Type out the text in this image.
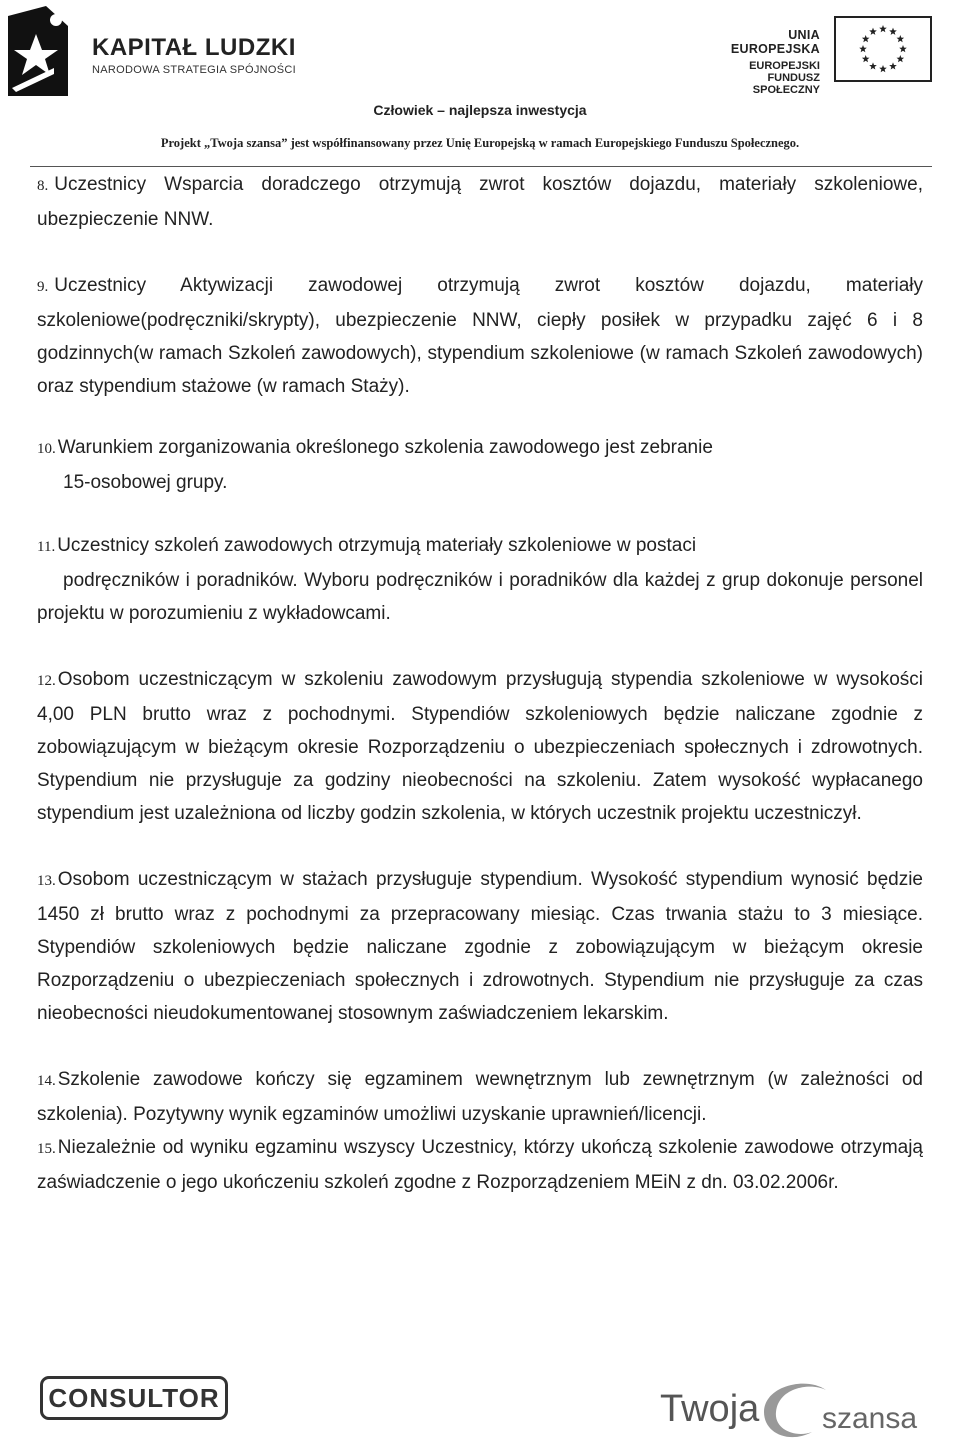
KAPITAŁ LUDZKI
NARODOWA STRATEGIA SPÓJNOŚCI
UNIA EUROPEJSKA
EUROPEJSKI
FUNDUSZ SPOŁECZNY
Człowiek – najlepsza inwestycja
Projekt „Twoja szansa” jest współfinansowany przez Unię Europejską w ramach Europejskiego Funduszu Społecznego.

8. Uczestnicy Wsparcia doradczego otrzymują zwrot kosztów dojazdu, materiały szkoleniowe, ubezpieczenie NNW.

9. Uczestnicy Aktywizacji zawodowej otrzymują zwrot kosztów dojazdu, materiały szkoleniowe(podręczniki/skrypty), ubezpieczenie NNW, ciepły posiłek w przypadku zajęć 6 i 8 godzinnych(w ramach Szkoleń zawodowych), stypendium szkoleniowe (w ramach Szkoleń zawodowych) oraz stypendium stażowe (w ramach Staży).

10. Warunkiem zorganizowania określonego szkolenia zawodowego jest zebranie
15-osobowej grupy.
11. Uczestnicy szkoleń zawodowych otrzymują materiały szkoleniowe w postaci
podręczników i poradników. Wyboru podręczników i poradników dla każdej z grup dokonuje personel projektu w porozumieniu z wykładowcami.

12. Osobom uczestniczącym w szkoleniu zawodowym przysługują stypendia szkoleniowe w wysokości 4,00 PLN brutto wraz z pochodnymi. Stypendiów szkoleniowych będzie naliczane zgodnie z zobowiązującym w bieżącym okresie Rozporządzeniu o ubezpieczeniach społecznych i zdrowotnych. Stypendium nie przysługuje za godziny nieobecności na szkoleniu. Zatem wysokość wypłacanego stypendium jest uzależniona od liczby godzin szkolenia, w których uczestnik projektu uczestniczył.

13. Osobom uczestniczącym w stażach przysługuje stypendium. Wysokość stypendium wynosić będzie 1450 zł brutto wraz z pochodnymi za przepracowany miesiąc. Czas trwania stażu to 3 miesiące. Stypendiów szkoleniowych będzie naliczane zgodnie z zobowiązującym w bieżącym okresie Rozporządzeniu o ubezpieczeniach społecznych i zdrowotnych. Stypendium nie przysługuje za czas nieobecności nieudokumentowanej stosownym zaświadczeniem lekarskim.

14. Szkolenie zawodowe kończy się egzaminem wewnętrznym lub zewnętrznym (w zależności od szkolenia). Pozytywny wynik egzaminów umożliwi uzyskanie uprawnień/licencji.

15. Niezależnie od wyniku egzaminu wszyscy Uczestnicy, którzy ukończą szkolenie zawodowe otrzymają zaświadczenie o jego ukończeniu szkoleń zgodne z Rozporządzeniem MEiN z dn. 03.02.2006r.

CONSULTOR	Twoja szansa
